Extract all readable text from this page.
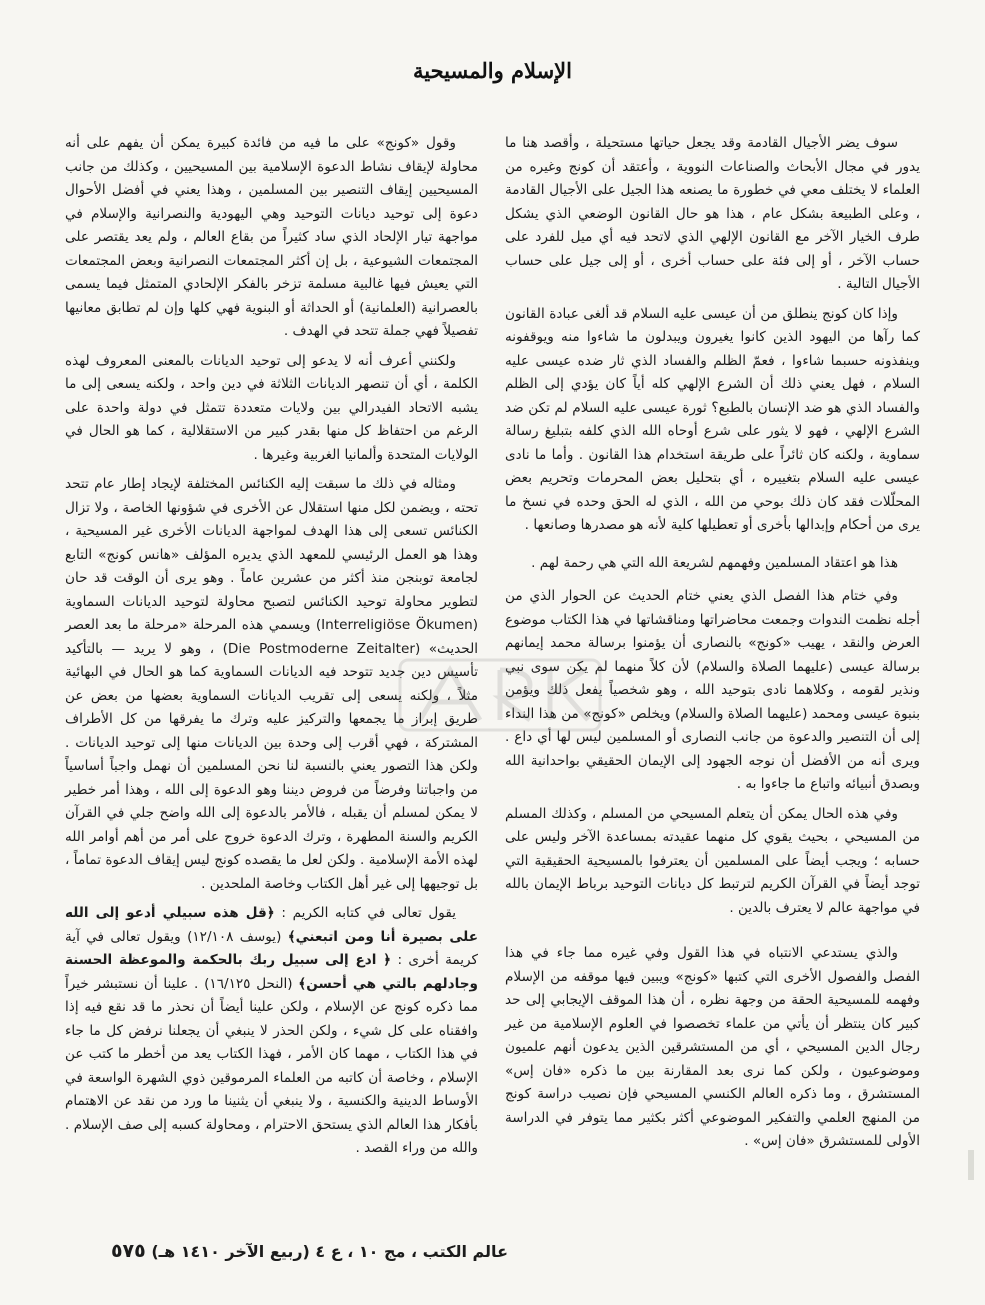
الإسلام والمسيحية

سوف يضر الأجيال القادمة وقد يجعل حياتها مستحيلة ، وأقصد هنا ما يدور في مجال الأبحاث والصناعات النووية ، وأعتقد أن كونج وغيره من العلماء لا يختلف معي في خطورة ما يصنعه هذا الجيل على الأجيال القادمة ، وعلى الطبيعة بشكل عام ، هذا هو حال القانون الوضعي الذي يشكل طرف الخيار الآخر مع القانون الإلهي الذي لاتحد فيه أي ميل للفرد على حساب الآخر ، أو إلى فئة على حساب أخرى ، أو إلى جيل على حساب الأجيال التالية .

وإذا كان كونج ينطلق من أن عيسى عليه السلام قد ألغى عبادة القانون كما رآها من اليهود الذين كانوا يغيرون ويبدلون ما شاءوا منه ويوقفونه وينفذونه حسبما شاءوا ، فعمّ الظلم والفساد الذي ثار ضده عيسى عليه السلام ، فهل يعني ذلك أن الشرع الإلهي كله أياً كان يؤدي إلى الظلم والفساد الذي هو ضد الإنسان بالطبع؟ ثورة عيسى عليه السلام لم تكن ضد الشرع الإلهي ، فهو لا يثور على شرع أوحاه الله الذي كلفه بتبليغ رسالة سماوية ، ولكنه كان ثائراً على طريقة استخدام هذا القانون . وأما ما نادى عيسى عليه السلام بتغييره ، أي بتحليل بعض المحرمات وتحريم بعض المحلّلات فقد كان ذلك بوحي من الله ، الذي له الحق وحده في نسخ ما يرى من أحكام وإبدالها بأخرى أو تعطيلها كلية لأنه هو مصدرها وصانعها .

هذا هو اعتقاد المسلمين وفهمهم لشريعة الله التي هي رحمة لهم .

وفي ختام هذا الفصل الذي يعني ختام الحديث عن الحوار الذي من أجله نظمت الندوات وجمعت محاضراتها ومناقشاتها في هذا الكتاب موضوع العرض والنقد ، يهيب «كونج» بالنصارى أن يؤمنوا برسالة محمد إيمانهم برسالة عيسى (عليهما الصلاة والسلام) لأن كلاً منهما لم يكن سوى نبي ونذير لقومه ، وكلاهما نادى بتوحيد الله ، وهو شخصياً يفعل ذلك ويؤمن بنبوة عيسى ومحمد (عليهما الصلاة والسلام) ويخلص «كونج» من هذا النداء إلى أن التنصير والدعوة من جانب النصارى أو المسلمين ليس لها أي داع . ويرى أنه من الأفضل أن نوجه الجهود إلى الإيمان الحقيقي بواحدانية الله وبصدق أنبيائه واتباع ما جاءوا به .

وفي هذه الحال يمكن أن يتعلم المسيحي من المسلم ، وكذلك المسلم من المسيحي ، بحيث يقوي كل منهما عقيدته بمساعدة الآخر وليس على حسابه ؛ ويجب أيضاً على المسلمين أن يعترفوا بالمسيحية الحقيقية التي توجد أيضاً في القرآن الكريم لترتبط كل ديانات التوحيد برباط الإيمان بالله في مواجهة عالم لا يعترف بالدين .

والذي يستدعي الانتباه في هذا القول وفي غيره مما جاء في هذا الفصل والفصول الأخرى التي كتبها «كونج» ويبين فيها موقفه من الإسلام وفهمه للمسيحية الحقة من وجهة نظره ، أن هذا الموقف الإيجابي إلى حد كبير كان ينتظر أن يأتي من علماء تخصصوا في العلوم الإسلامية من غير رجال الدين المسيحي ، أي من المستشرقين الذين يدعون أنهم علميون وموضوعيون ، ولكن كما نرى بعد المقارنة بين ما ذكره «فان إس» المستشرق ، وما ذكره العالم الكنسي المسيحي فإن نصيب دراسة كونج من المنهج العلمي والتفكير الموضوعي أكثر بكثير مما يتوفر في الدراسة الأولى للمستشرق «فان إس» .

وقول «كونج» على ما فيه من فائدة كبيرة يمكن أن يفهم على أنه محاولة لإيقاف نشاط الدعوة الإسلامية بين المسيحيين ، وكذلك من جانب المسيحيين إيقاف التنصير بين المسلمين ، وهذا يعني في أفضل الأحوال دعوة إلى توحيد ديانات التوحيد وهي اليهودية والنصرانية والإسلام في مواجهة تيار الإلحاد الذي ساد كثيراً من بقاع العالم ، ولم يعد يقتصر على المجتمعات الشيوعية ، بل إن أكثر المجتمعات النصرانية وبعض المجتمعات التي يعيش فيها غالبية مسلمة تزخر بالفكر الإلحادي المتمثل فيما يسمى بالعصرانية (العلمانية) أو الحداثة أو البنوية فهي كلها وإن لم تطابق معانيها تفصيلاً فهي جملة تتحد في الهدف .

ولكنني أعرف أنه لا يدعو إلى توحيد الديانات بالمعنى المعروف لهذه الكلمة ، أي أن تنصهر الديانات الثلاثة في دين واحد ، ولكنه يسعى إلى ما يشبه الاتحاد الفيدرالي بين ولايات متعددة تتمثل في دولة واحدة على الرغم من احتفاظ كل منها بقدر كبير من الاستقلالية ، كما هو الحال في الولايات المتحدة وألمانيا الغربية وغيرها .

ومثاله في ذلك ما سبقت إليه الكنائس المختلفة لإيجاد إطار عام تتحد تحته ، ويضمن لكل منها استقلال عن الأخرى في شؤونها الخاصة ، ولا تزال الكنائس تسعى إلى هذا الهدف لمواجهة الديانات الأخرى غير المسيحية ، وهذا هو العمل الرئيسي للمعهد الذي يديره المؤلف «هانس كونج» التابع لجامعة توبنجن منذ أكثر من عشرين عاماً . وهو يرى أن الوقت قد حان لتطوير محاولة توحيد الكنائس لتصبح محاولة لتوحيد الديانات السماوية (Interreligiöse Ökumen) ويسمي هذه المرحلة «مرحلة ما بعد العصر الحديث» (Die Postmoderne Zeitalter) ، وهو لا يريد — بالتأكيد تأسيس دين جديد تتوحد فيه الديانات السماوية كما هو الحال في البهائية مثلاً ، ولكنه يسعى إلى تقريب الديانات السماوية بعضها من بعض عن طريق إبراز ما يجمعها والتركيز عليه وترك ما يفرقها من كل الأطراف المشتركة ، فهي أقرب إلى وحدة بين الديانات منها إلى توحيد الديانات . ولكن هذا التصور يعني بالنسبة لنا نحن المسلمين أن نهمل واجباً أساسياً من واجباتنا وفرضاً من فروض ديننا وهو الدعوة إلى الله ، وهذا أمر خطير لا يمكن لمسلم أن يقبله ، فالأمر بالدعوة إلى الله واضح جلي في القرآن الكريم والسنة المطهرة ، وترك الدعوة خروج على أمر من أهم أوامر الله لهذه الأمة الإسلامية . ولكن لعل ما يقصده كونج ليس إيقاف الدعوة تماماً ، بل توجيهها إلى غير أهل الكتاب وخاصة الملحدين .

يقول تعالى في كتابه الكريم : ﴿قل هذه سبيلي أدعو إلى الله على بصيرة أنا ومن اتبعني﴾ (يوسف ١٢/١٠٨) ويقول تعالى في آية كريمة أخرى : ﴿ ادع إلى سبيل ربك بالحكمة والموعظة الحسنة وجادلهم بالتي هي أحسن﴾ (النحل ١٦/١٢٥) . علينا أن نستبشر خيراً مما ذكره كونج عن الإسلام ، ولكن علينا أيضاً أن نحذر ما قد نقع فيه إذا وافقناه على كل شيء ، ولكن الحذر لا ينبغي أن يجعلنا نرفض كل ما جاء في هذا الكتاب ، مهما كان الأمر ، فهذا الكتاب يعد من أخطر ما كتب عن الإسلام ، وخاصة أن كاتبه من العلماء المرموقين ذوي الشهرة الواسعة في الأوساط الدينية والكنسية ، ولا ينبغي أن يثنينا ما ورد من نقد عن الاهتمام بأفكار هذا العالم الذي يستحق الاحترام ، ومحاولة كسبه إلى صف الإسلام . والله من وراء القصد .

عالم الكتب ، مج ١٠ ، ع ٤ (ربيع الآخر ١٤١٠ هـ) ٥٧٥
